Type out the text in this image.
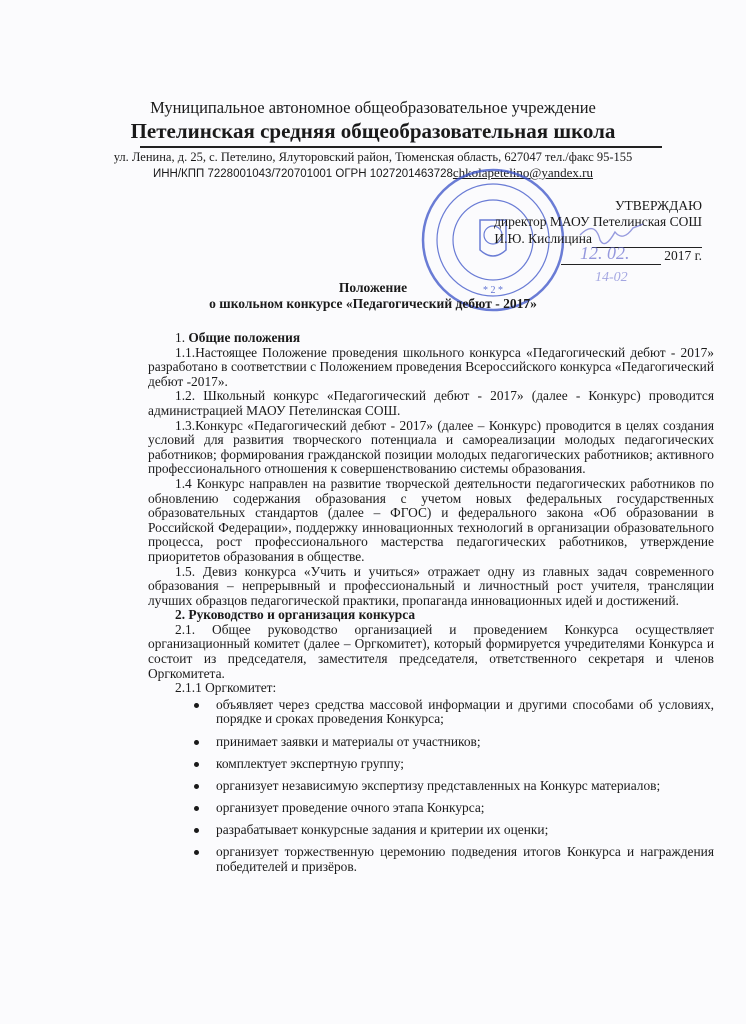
Муниципальное автономное общеобразовательное учреждение
Петелинская средняя общеобразовательная школа
ул. Ленина, д. 25, с. Петелино, Ялуторовский район, Тюменская область, 627047 тел./факс 95-155
ИНН/КПП 7228001043/720701001 ОГРН 1027201463728chkolapetelino@yandex.ru
* 2 *
УТВЕРЖДАЮ
директор МАОУ Петелинская СОШ
И.Ю. Кислицина
2017 г.
12. 02.
14-02
Положение
о школьном конкурсе «Педагогический дебют - 2017»

1. Общие положения

1.1.Настоящее Положение проведения школьного конкурса «Педагогический дебют - 2017» разработано в соответствии с Положением проведения Всероссийского конкурса «Педагогический дебют -2017».

1.2. Школьный конкурс «Педагогический дебют - 2017» (далее - Конкурс) проводится администрацией МАОУ Петелинская СОШ.

1.3.Конкурс «Педагогический дебют - 2017» (далее – Конкурс) проводится в целях создания условий для развития творческого потенциала и самореализации молодых педагогических работников; формирования гражданской позиции молодых педагогических работников; активного профессионального отношения к совершенствованию системы образования.

1.4 Конкурс направлен на развитие творческой деятельности педагогических работников по обновлению содержания образования с учетом новых федеральных государственных образовательных стандартов (далее – ФГОС) и федерального закона «Об образовании в Российской Федерации», поддержку инновационных технологий в организации образовательного процесса, рост профессионального мастерства педагогических работников, утверждение приоритетов образования в обществе.

1.5. Девиз конкурса «Учить и учиться» отражает одну из главных задач современного образования – непрерывный и профессиональный и личностный рост учителя, трансляции лучших образцов педагогической практики, пропаганда инновационных идей и достижений.

2. Руководство и организация конкурса

2.1. Общее руководство организацией и проведением Конкурса осуществляет организационный комитет (далее – Оргкомитет), который формируется учредителями Конкурса и состоит из председателя, заместителя председателя, ответственного секретаря и членов Оргкомитета.

2.1.1 Оргкомитет:

объявляет через средства массовой информации и другими способами об условиях, порядке и сроках проведения Конкурса;
принимает заявки и материалы от участников;
комплектует экспертную группу;
организует независимую экспертизу представленных на Конкурс материалов;
организует проведение очного этапа Конкурса;
разрабатывает конкурсные задания и критерии их оценки;
организует торжественную церемонию подведения итогов Конкурса и награждения победителей и призёров.
